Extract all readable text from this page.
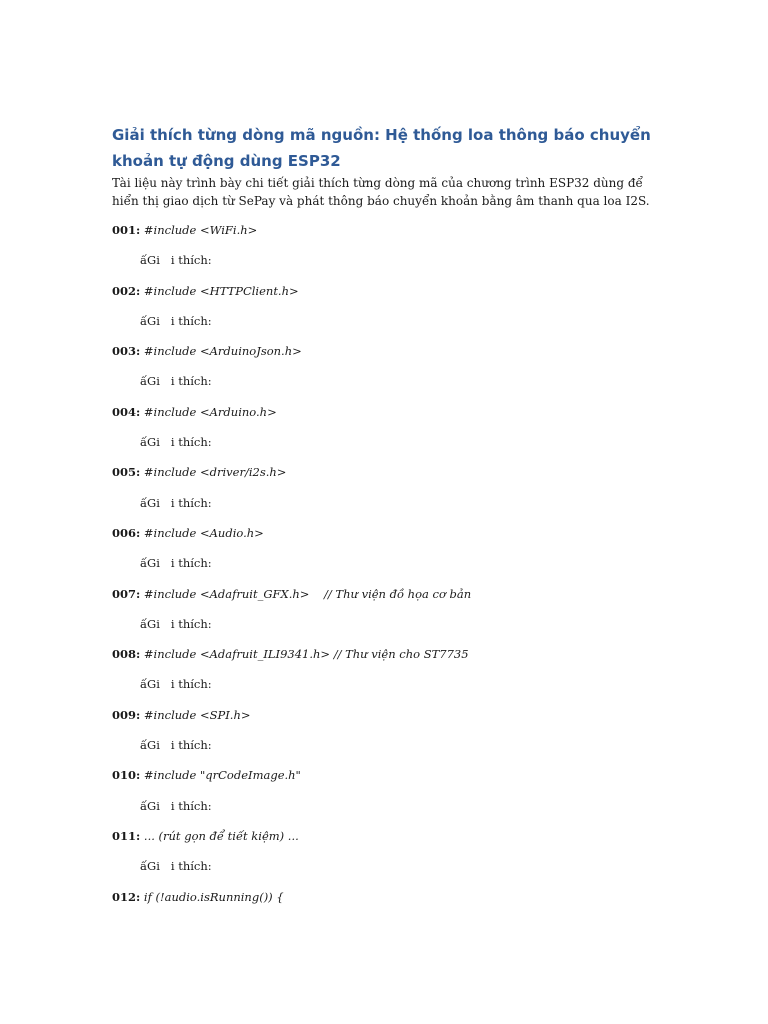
Giải thích từng dòng mã nguồn: Hệ thống loa thông báo chuyển khoản tự động dùng ESP32

Tài liệu này trình bày chi tiết giải thích từng dòng mã của chương trình ESP32 dùng để hiển thị giao dịch từ SePay và phát thông báo chuyển khoản bằng âm thanh qua loa I2S.

001: #include <WiFi.h>
ấGi   i thích:
002: #include <HTTPClient.h>
ấGi   i thích:
003: #include <ArduinoJson.h>
ấGi   i thích:
004: #include <Arduino.h>
ấGi   i thích:
005: #include <driver/i2s.h>
ấGi   i thích:
006: #include <Audio.h>
ấGi   i thích:
007: #include <Adafruit_GFX.h>    // Thư viện đồ họa cơ bản
ấGi   i thích:
008: #include <Adafruit_ILI9341.h> // Thư viện cho ST7735
ấGi   i thích:
009: #include <SPI.h>
ấGi   i thích:
010: #include "qrCodeImage.h"
ấGi   i thích:
011: ... (rút gọn để tiết kiệm) ...
ấGi   i thích:
012: if (!audio.isRunning()) {
